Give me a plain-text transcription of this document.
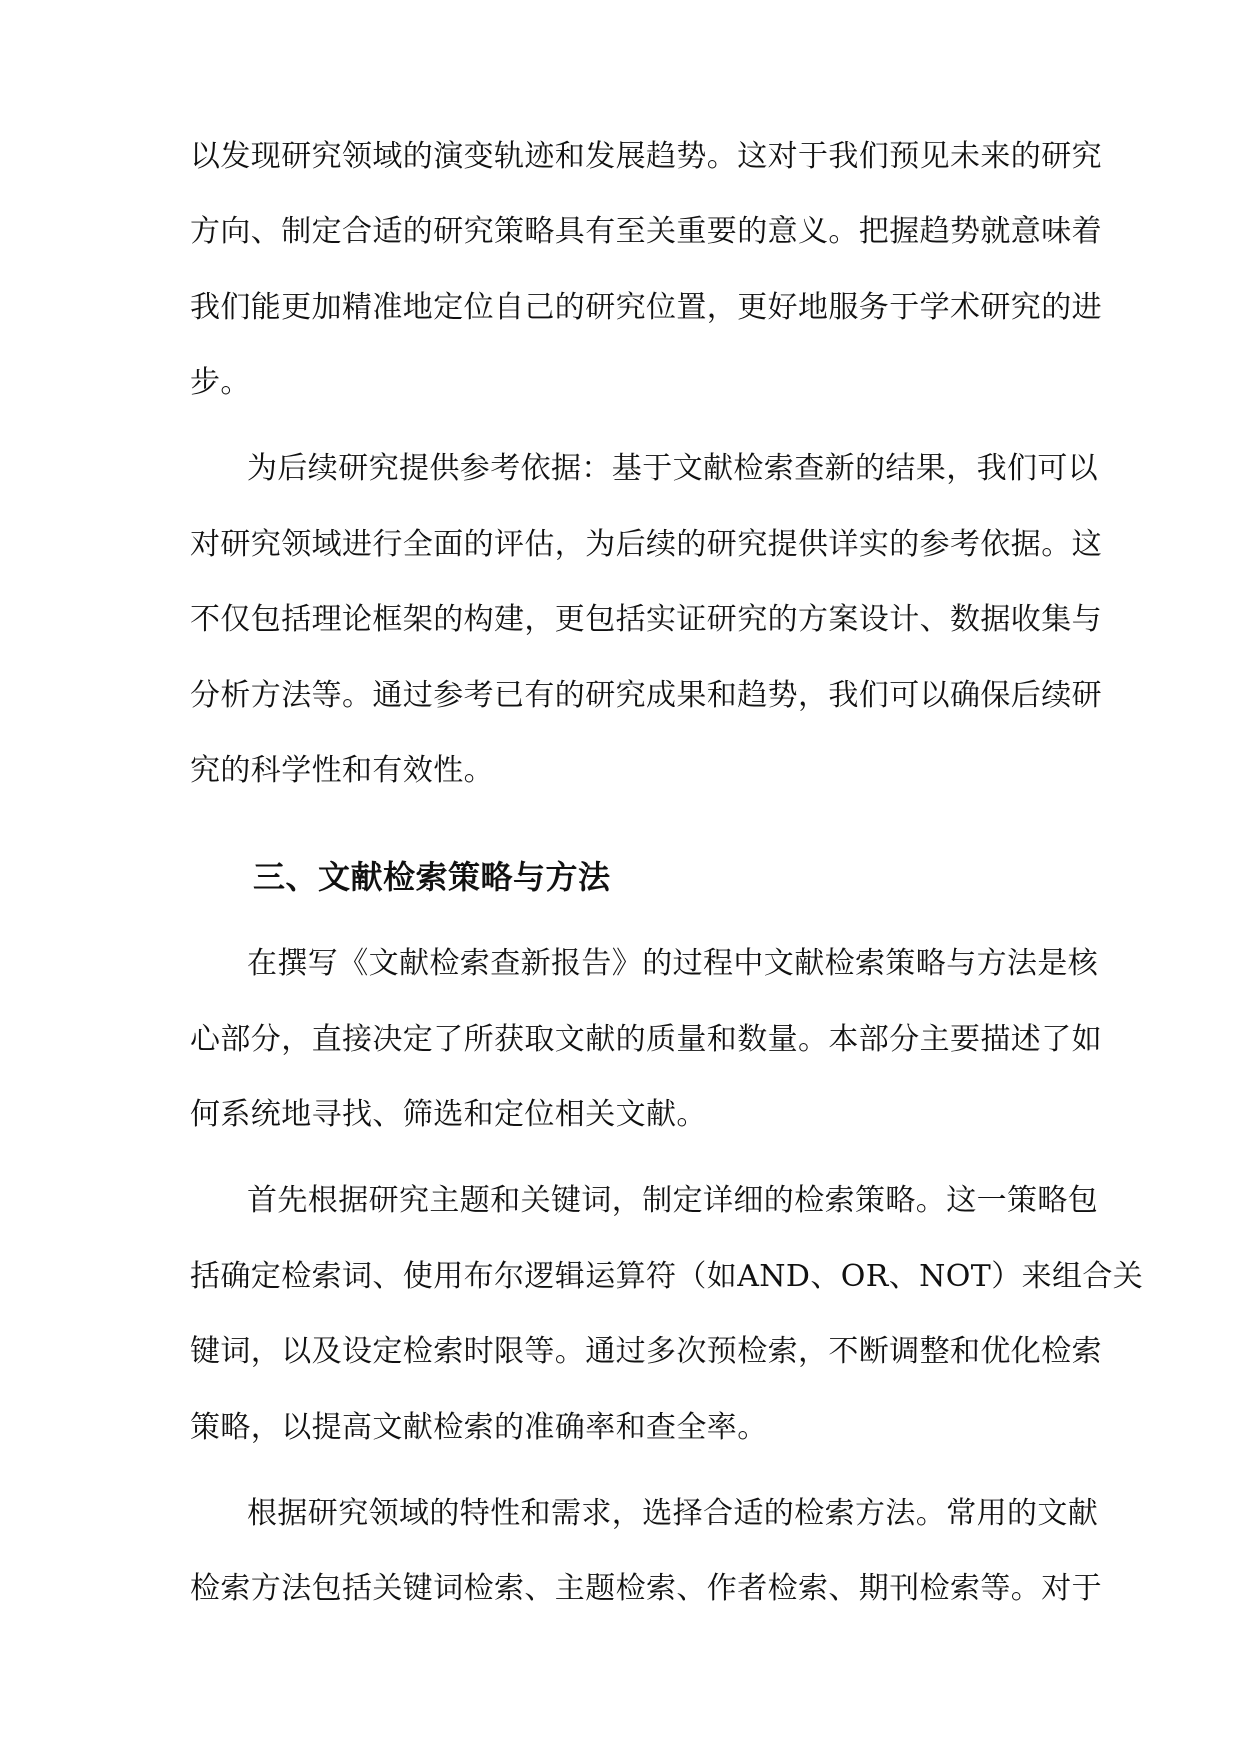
以发现研究领域的演变轨迹和发展趋势。这对于我们预见未来的研究
方向、制定合适的研究策略具有至关重要的意义。把握趋势就意味着
我们能更加精准地定位自己的研究位置，更好地服务于学术研究的进
步。
为后续研究提供参考依据：基于文献检索查新的结果，我们可以
对研究领域进行全面的评估，为后续的研究提供详实的参考依据。这
不仅包括理论框架的构建，更包括实证研究的方案设计、数据收集与
分析方法等。通过参考已有的研究成果和趋势，我们可以确保后续研
究的科学性和有效性。
三、文献检索策略与方法
在撰写《文献检索查新报告》的过程中文献检索策略与方法是核
心部分，直接决定了所获取文献的质量和数量。本部分主要描述了如
何系统地寻找、筛选和定位相关文献。
首先根据研究主题和关键词，制定详细的检索策略。这一策略包
括确定检索词、使用布尔逻辑运算符（如AND、OR、NOT）来组合关
键词，以及设定检索时限等。通过多次预检索，不断调整和优化检索
策略，以提高文献检索的准确率和查全率。
根据研究领域的特性和需求，选择合适的检索方法。常用的文献
检索方法包括关键词检索、主题检索、作者检索、期刊检索等。对于
